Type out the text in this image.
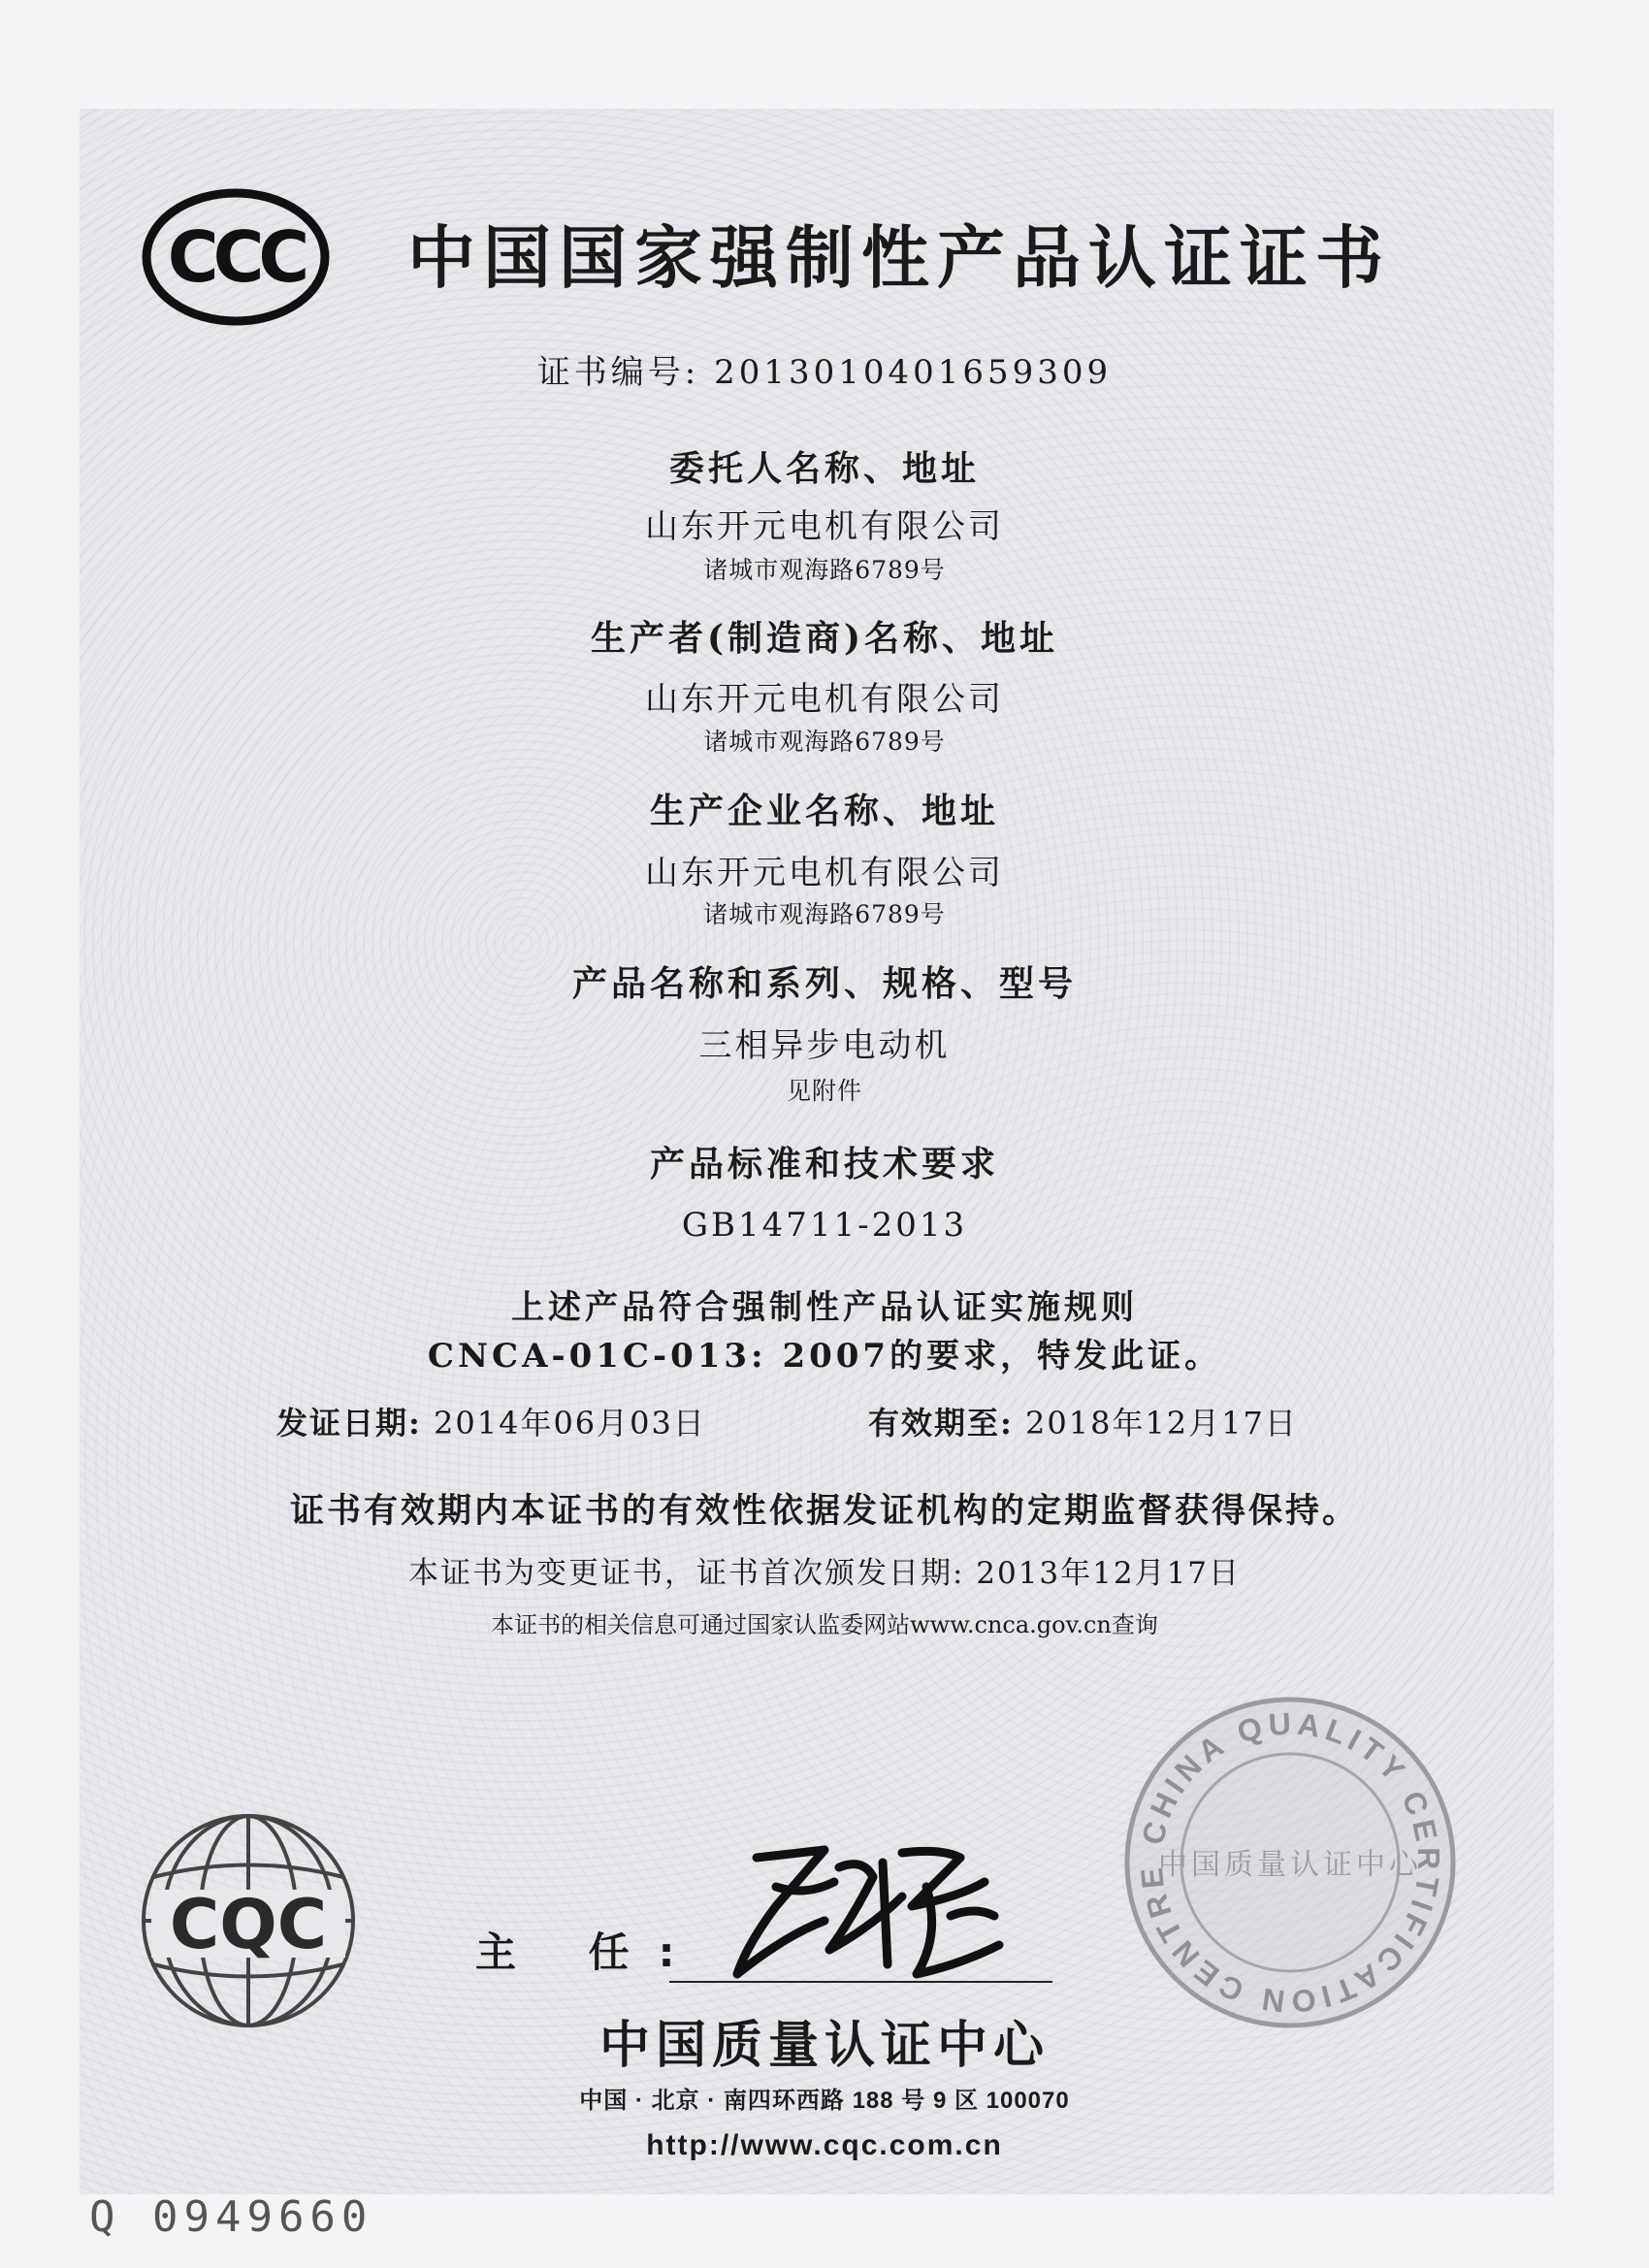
CCC 中国国家强制性产品认证证书
证书编号: 2013010401659309
委托人名称、地址
山东开元电机有限公司
诸城市观海路6789号
生产者(制造商)名称、地址
山东开元电机有限公司
诸城市观海路6789号
生产企业名称、地址
山东开元电机有限公司
诸城市观海路6789号
产品名称和系列、规格、型号
三相异步电动机
见附件
产品标准和技术要求
GB14711-2013
上述产品符合强制性产品认证实施规则
CNCA-01C-013: 2007的要求，特发此证。
发证日期: 2014年06月03日	有效期至: 2018年12月17日
证书有效期内本证书的有效性依据发证机构的定期监督获得保持。
本证书为变更证书，证书首次颁发日期: 2013年12月17日
本证书的相关信息可通过国家认监委网站www.cnca.gov.cn查询
CQC	主 任:
中国质量认证中心
中国 · 北京 · 南四环西路 188 号 9 区 100070
http://www.cqc.com.cn
Q 0949660
CHINA QUALITY CERTIFICATION CENTRE
中国质量认证中心
